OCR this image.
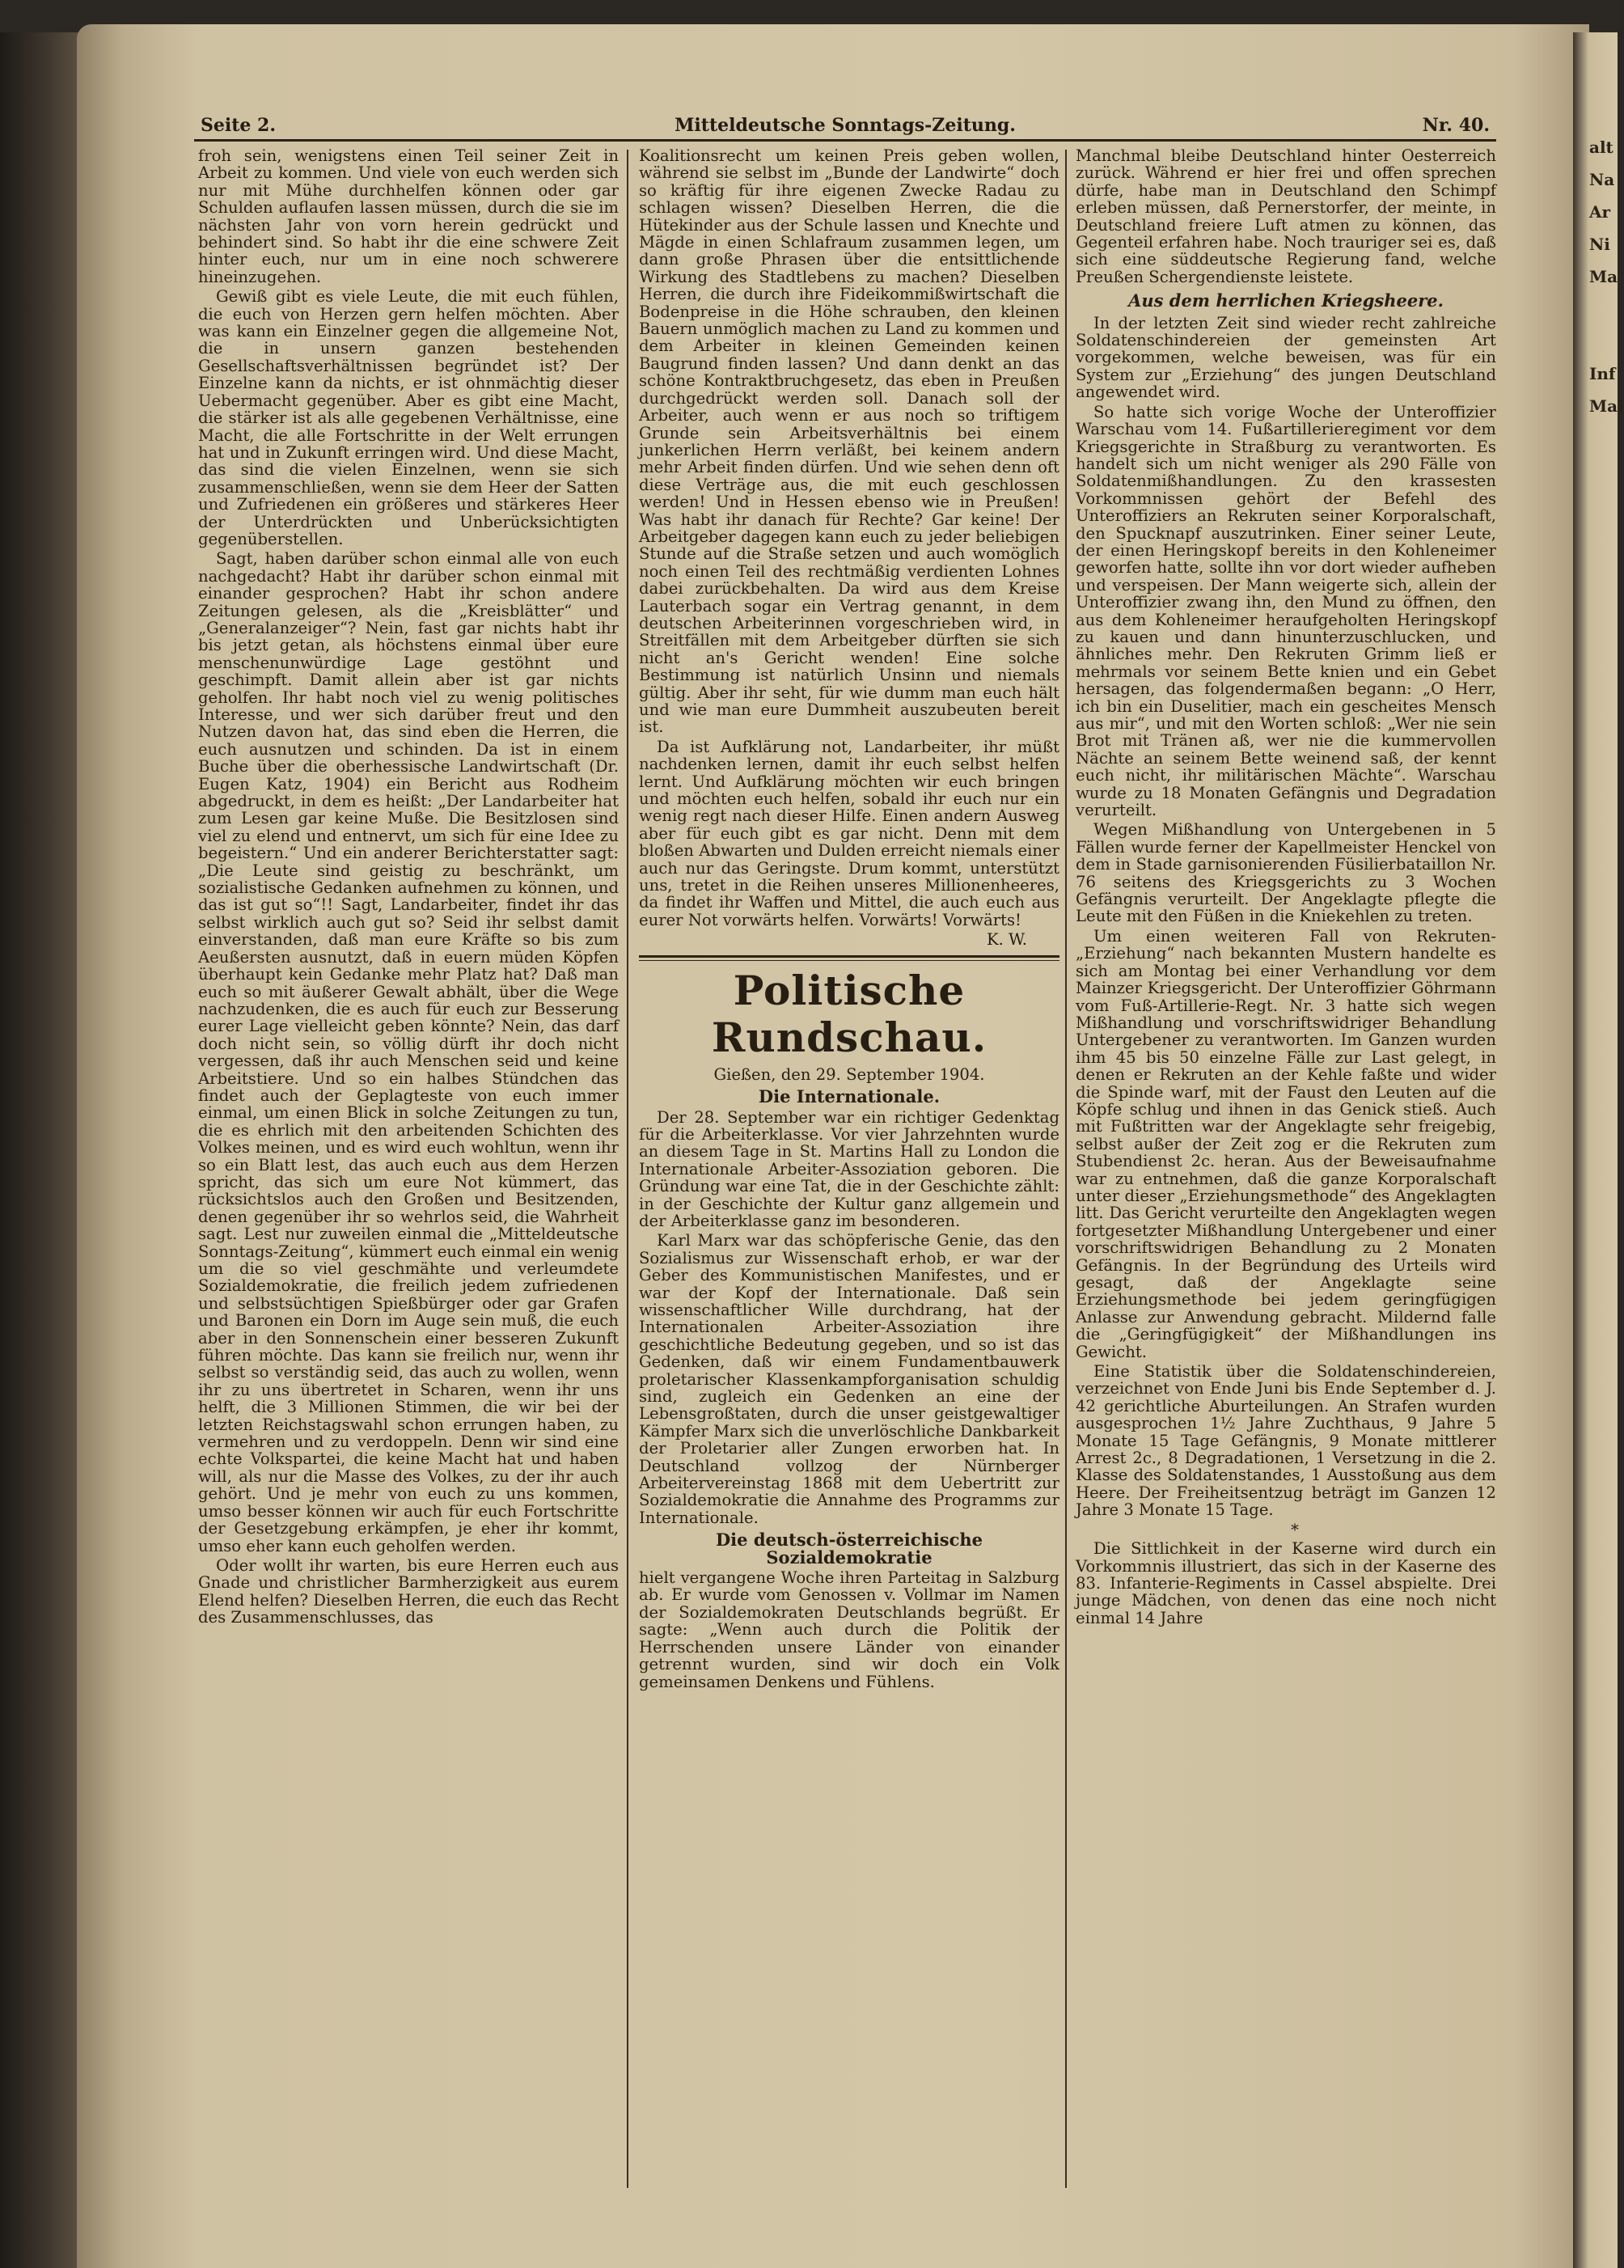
alt
Na
Ar
Ni
Ma
Inf
Mai
Mitteldeutsche Sonntags-Zeitung.
Seite 2.	Nr. 40.

froh sein, wenigstens einen Teil seiner Zeit in Arbeit zu kommen. Und viele von euch werden sich nur mit Mühe durchhelfen können oder gar Schulden auflaufen lassen müssen, durch die sie im nächsten Jahr von vorn herein gedrückt und behindert sind. So habt ihr die eine schwere Zeit hinter euch, nur um in eine noch schwerere hineinzugehen.

Gewiß gibt es viele Leute, die mit euch fühlen, die euch von Herzen gern helfen möchten. Aber was kann ein Einzelner gegen die allgemeine Not, die in unsern ganzen bestehenden Gesellschaftsverhältnissen begründet ist? Der Einzelne kann da nichts, er ist ohnmächtig dieser Uebermacht gegenüber. Aber es gibt eine Macht, die stärker ist als alle gegebenen Verhältnisse, eine Macht, die alle Fortschritte in der Welt errungen hat und in Zukunft erringen wird. Und diese Macht, das sind die vielen Einzelnen, wenn sie sich zusammenschließen, wenn sie dem Heer der Satten und Zufriedenen ein größeres und stärkeres Heer der Unterdrückten und Unberücksichtigten gegenüberstellen.

Sagt, haben darüber schon einmal alle von euch nachgedacht? Habt ihr darüber schon einmal mit einander gesprochen? Habt ihr schon andere Zeitungen gelesen, als die „Kreisblätter“ und „Generalanzeiger“? Nein, fast gar nichts habt ihr bis jetzt getan, als höchstens einmal über eure menschenunwürdige Lage gestöhnt und geschimpft. Damit allein aber ist gar nichts geholfen. Ihr habt noch viel zu wenig politisches Interesse, und wer sich darüber freut und den Nutzen davon hat, das sind eben die Herren, die euch ausnutzen und schinden. Da ist in einem Buche über die oberhessische Landwirtschaft (Dr. Eugen Katz, 1904) ein Bericht aus Rodheim abgedruckt, in dem es heißt: „Der Landarbeiter hat zum Lesen gar keine Muße. Die Besitzlosen sind viel zu elend und entnervt, um sich für eine Idee zu begeistern.“ Und ein anderer Berichterstatter sagt: „Die Leute sind geistig zu beschränkt, um sozialistische Gedanken aufnehmen zu können, und das ist gut so“!! Sagt, Landarbeiter, findet ihr das selbst wirklich auch gut so? Seid ihr selbst damit einverstanden, daß man eure Kräfte so bis zum Aeußersten ausnutzt, daß in euern müden Köpfen überhaupt kein Gedanke mehr Platz hat? Daß man euch so mit äußerer Gewalt abhält, über die Wege nachzudenken, die es auch für euch zur Besserung eurer Lage vielleicht geben könnte? Nein, das darf doch nicht sein, so völlig dürft ihr doch nicht vergessen, daß ihr auch Menschen seid und keine Arbeitstiere. Und so ein halbes Stündchen das findet auch der Geplagteste von euch immer einmal, um einen Blick in solche Zeitungen zu tun, die es ehrlich mit den arbeitenden Schichten des Volkes meinen, und es wird euch wohltun, wenn ihr so ein Blatt lest, das auch euch aus dem Herzen spricht, das sich um eure Not kümmert, das rücksichtslos auch den Großen und Besitzenden, denen gegenüber ihr so wehrlos seid, die Wahrheit sagt. Lest nur zuweilen einmal die „Mitteldeutsche Sonntags-Zeitung“, kümmert euch einmal ein wenig um die so viel geschmähte und verleumdete Sozialdemokratie, die freilich jedem zufriedenen und selbstsüchtigen Spießbürger oder gar Grafen und Baronen ein Dorn im Auge sein muß, die euch aber in den Sonnenschein einer besseren Zukunft führen möchte. Das kann sie freilich nur, wenn ihr selbst so verständig seid, das auch zu wollen, wenn ihr zu uns übertretet in Scharen, wenn ihr uns helft, die 3 Millionen Stimmen, die wir bei der letzten Reichstagswahl schon errungen haben, zu vermehren und zu verdoppeln. Denn wir sind eine echte Volkspartei, die keine Macht hat und haben will, als nur die Masse des Volkes, zu der ihr auch gehört. Und je mehr von euch zu uns kommen, umso besser können wir auch für euch Fortschritte der Gesetzgebung erkämpfen, je eher ihr kommt, umso eher kann euch geholfen werden.

Oder wollt ihr warten, bis eure Herren euch aus Gnade und christlicher Barmherzigkeit aus eurem Elend helfen? Dieselben Herren, die euch das Recht des Zusammenschlusses, das

Koalitionsrecht um keinen Preis geben wollen, während sie selbst im „Bunde der Landwirte“ doch so kräftig für ihre eigenen Zwecke Radau zu schlagen wissen? Dieselben Herren, die die Hütekinder aus der Schule lassen und Knechte und Mägde in einen Schlafraum zusammen legen, um dann große Phrasen über die entsittlichende Wirkung des Stadtlebens zu machen? Dieselben Herren, die durch ihre Fideikommißwirtschaft die Bodenpreise in die Höhe schrauben, den kleinen Bauern unmöglich machen zu Land zu kommen und dem Arbeiter in kleinen Gemeinden keinen Baugrund finden lassen? Und dann denkt an das schöne Kontraktbruchgesetz, das eben in Preußen durchgedrückt werden soll. Danach soll der Arbeiter, auch wenn er aus noch so triftigem Grunde sein Arbeitsverhältnis bei einem junkerlichen Herrn verläßt, bei keinem andern mehr Arbeit finden dürfen. Und wie sehen denn oft diese Verträge aus, die mit euch geschlossen werden! Und in Hessen ebenso wie in Preußen! Was habt ihr danach für Rechte? Gar keine! Der Arbeitgeber dagegen kann euch zu jeder beliebigen Stunde auf die Straße setzen und auch womöglich noch einen Teil des rechtmäßig verdienten Lohnes dabei zurückbehalten. Da wird aus dem Kreise Lauterbach sogar ein Vertrag genannt, in dem deutschen Arbeiterinnen vorgeschrieben wird, in Streitfällen mit dem Arbeitgeber dürften sie sich nicht an's Gericht wenden! Eine solche Bestimmung ist natürlich Unsinn und niemals gültig. Aber ihr seht, für wie dumm man euch hält und wie man eure Dummheit auszubeuten bereit ist.

Da ist Aufklärung not, Landarbeiter, ihr müßt nachdenken lernen, damit ihr euch selbst helfen lernt. Und Aufklärung möchten wir euch bringen und möchten euch helfen, sobald ihr euch nur ein wenig regt nach dieser Hilfe. Einen andern Ausweg aber für euch gibt es gar nicht. Denn mit dem bloßen Abwarten und Dulden erreicht niemals einer auch nur das Geringste. Drum kommt, unterstützt uns, tretet in die Reihen unseres Millionenheeres, da findet ihr Waffen und Mittel, die auch euch aus eurer Not vorwärts helfen. Vorwärts! Vorwärts!

K. W.

Politische Rundschau.

Gießen, den 29. September 1904.

Die Internationale.

Der 28. September war ein richtiger Gedenktag für die Arbeiterklasse. Vor vier Jahrzehnten wurde an diesem Tage in St. Martins Hall zu London die Internationale Arbeiter-Assoziation geboren. Die Gründung war eine Tat, die in der Geschichte zählt: in der Geschichte der Kultur ganz allgemein und der Arbeiterklasse ganz im besonderen.

Karl Marx war das schöpferische Genie, das den Sozialismus zur Wissenschaft erhob, er war der Geber des Kommunistischen Manifestes, und er war der Kopf der Internationale. Daß sein wissenschaftlicher Wille durchdrang, hat der Internationalen Arbeiter-Assoziation ihre geschichtliche Bedeutung gegeben, und so ist das Gedenken, daß wir einem Fundamentbauwerk proletarischer Klassenkampforganisation schuldig sind, zugleich ein Gedenken an eine der Lebensgroßtaten, durch die unser geistgewaltiger Kämpfer Marx sich die unverlöschliche Dankbarkeit der Proletarier aller Zungen erworben hat. In Deutschland vollzog der Nürnberger Arbeitervereinstag 1868 mit dem Uebertritt zur Sozialdemokratie die Annahme des Programms zur Internationale.

Die deutsch-österreichische Sozialdemokratie

hielt vergangene Woche ihren Parteitag in Salzburg ab. Er wurde vom Genossen v. Vollmar im Namen der Sozialdemokraten Deutschlands begrüßt. Er sagte: „Wenn auch durch die Politik der Herrschenden unsere Länder von einander getrennt wurden, sind wir doch ein Volk gemeinsamen Denkens und Fühlens.

Manchmal bleibe Deutschland hinter Oesterreich zurück. Während er hier frei und offen sprechen dürfe, habe man in Deutschland den Schimpf erleben müssen, daß Pernerstorfer, der meinte, in Deutschland freiere Luft atmen zu können, das Gegenteil erfahren habe. Noch trauriger sei es, daß sich eine süddeutsche Regierung fand, welche Preußen Schergendienste leistete.

Aus dem herrlichen Kriegsheere.

In der letzten Zeit sind wieder recht zahlreiche Soldatenschindereien der gemeinsten Art vorgekommen, welche beweisen, was für ein System zur „Erziehung“ des jungen Deutschland angewendet wird.

So hatte sich vorige Woche der Unteroffizier Warschau vom 14. Fußartillerieregiment vor dem Kriegsgerichte in Straßburg zu verantworten. Es handelt sich um nicht weniger als 290 Fälle von Soldatenmißhandlungen. Zu den krassesten Vorkommnissen gehört der Befehl des Unteroffiziers an Rekruten seiner Korporalschaft, den Spucknapf auszutrinken. Einer seiner Leute, der einen Heringskopf bereits in den Kohleneimer geworfen hatte, sollte ihn vor dort wieder aufheben und verspeisen. Der Mann weigerte sich, allein der Unteroffizier zwang ihn, den Mund zu öffnen, den aus dem Kohleneimer heraufgeholten Heringskopf zu kauen und dann hinunterzuschlucken, und ähnliches mehr. Den Rekruten Grimm ließ er mehrmals vor seinem Bette knien und ein Gebet hersagen, das folgendermaßen begann: „O Herr, ich bin ein Duselitier, mach ein gescheites Mensch aus mir“, und mit den Worten schloß: „Wer nie sein Brot mit Tränen aß, wer nie die kummervollen Nächte an seinem Bette weinend saß, der kennt euch nicht, ihr militärischen Mächte“. Warschau wurde zu 18 Monaten Gefängnis und Degradation verurteilt.

Wegen Mißhandlung von Untergebenen in 5 Fällen wurde ferner der Kapellmeister Henckel von dem in Stade garnisonierenden Füsilierbataillon Nr. 76 seitens des Kriegsgerichts zu 3 Wochen Gefängnis verurteilt. Der Angeklagte pflegte die Leute mit den Füßen in die Kniekehlen zu treten.

Um einen weiteren Fall von Rekruten-„Erziehung“ nach bekannten Mustern handelte es sich am Montag bei einer Verhandlung vor dem Mainzer Kriegsgericht. Der Unteroffizier Göhrmann vom Fuß-Artillerie-Regt. Nr. 3 hatte sich wegen Mißhandlung und vorschriftswidriger Behandlung Untergebener zu verantworten. Im Ganzen wurden ihm 45 bis 50 einzelne Fälle zur Last gelegt, in denen er Rekruten an der Kehle faßte und wider die Spinde warf, mit der Faust den Leuten auf die Köpfe schlug und ihnen in das Genick stieß. Auch mit Fußtritten war der Angeklagte sehr freigebig, selbst außer der Zeit zog er die Rekruten zum Stubendienst 2c. heran. Aus der Beweisaufnahme war zu entnehmen, daß die ganze Korporalschaft unter dieser „Erziehungsmethode“ des Angeklagten litt. Das Gericht verurteilte den Angeklagten wegen fortgesetzter Mißhandlung Untergebener und einer vorschriftswidrigen Behandlung zu 2 Monaten Gefängnis. In der Begründung des Urteils wird gesagt, daß der Angeklagte seine Erziehungsmethode bei jedem geringfügigen Anlasse zur Anwendung gebracht. Mildernd falle die „Geringfügigkeit“ der Mißhandlungen ins Gewicht.

Eine Statistik über die Soldatenschindereien, verzeichnet von Ende Juni bis Ende September d. J. 42 gerichtliche Aburteilungen. An Strafen wurden ausgesprochen 1½ Jahre Zuchthaus, 9 Jahre 5 Monate 15 Tage Gefängnis, 9 Monate mittlerer Arrest 2c., 8 Degradationen, 1 Versetzung in die 2. Klasse des Soldatenstandes, 1 Ausstoßung aus dem Heere. Der Freiheitsentzug beträgt im Ganzen 12 Jahre 3 Monate 15 Tage.

*

Die Sittlichkeit in der Kaserne wird durch ein Vorkommnis illustriert, das sich in der Kaserne des 83. Infanterie-Regiments in Cassel abspielte. Drei junge Mädchen, von denen das eine noch nicht einmal 14 Jahre
